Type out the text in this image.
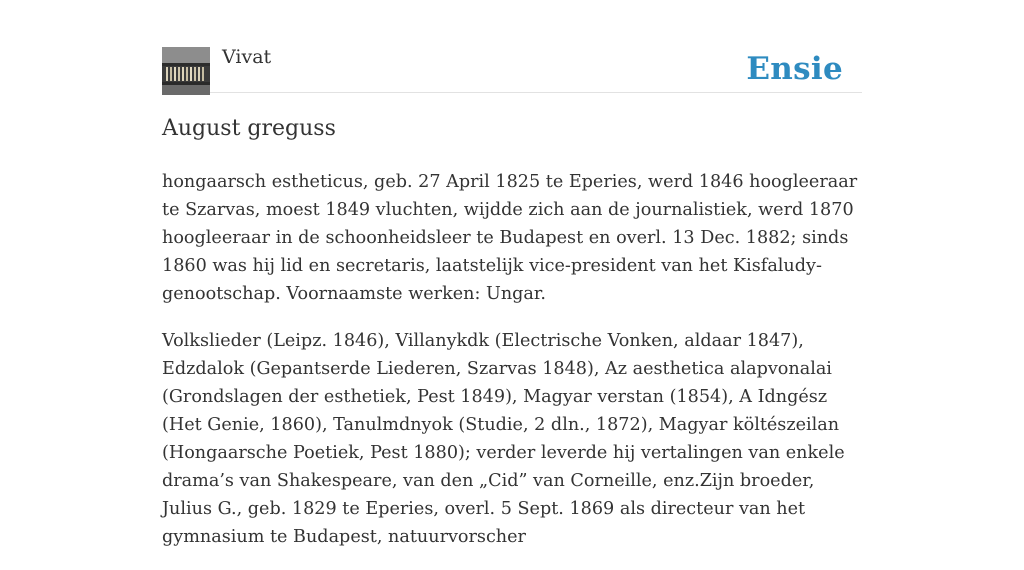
Vivat	Ensie
August greguss

hongaarsch estheticus, geb. 27 April 1825 te Eperies, werd 1846 hoogleeraar te Szarvas, moest 1849 vluchten, wijdde zich aan de journalistiek, werd 1870 hoogleeraar in de schoonheidsleer te Budapest en overl. 13 Dec. 1882; sinds 1860 was hij lid en secretaris, laatstelijk vice-president van het Kisfaludy-genootschap. Voornaamste werken: Ungar.

Volkslieder (Leipz. 1846), Villanykdk (Electrische Vonken, aldaar 1847), Edzdalok (Gepantserde Liederen, Szarvas 1848), Az aesthetica alapvonalai (Grondslagen der esthetiek, Pest 1849), Magyar verstan (1854), A Idngész (Het Genie, 1860), Tanulmdnyok (Studie, 2 dln., 1872), Magyar költészeilan (Hongaarsche Poetiek, Pest 1880); verder leverde hij vertalingen van enkele drama’s van Shakespeare, van den „Cid” van Corneille, enz.Zijn broeder, Julius G., geb. 1829 te Eperies, overl. 5 Sept. 1869 als directeur van het gymnasium te Budapest, natuurvorscher
